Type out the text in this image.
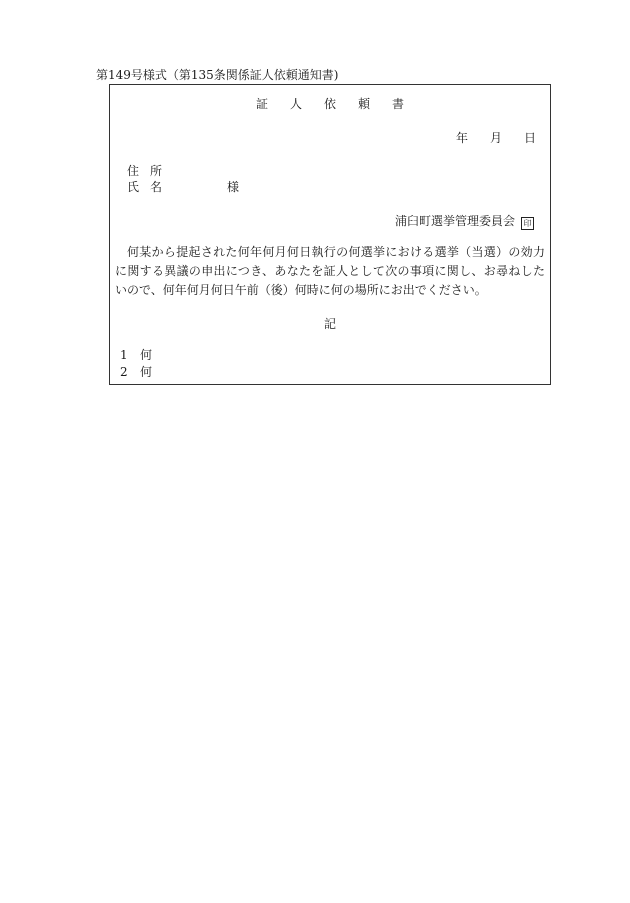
第149号様式（第135条関係証人依頼通知書)
証 人 依 頼 書
年 月 日
住所
氏名	様
浦臼町選挙管理委員会 印
何某から提起された何年何月何日執行の何選挙における選挙（当選）の効力に関する異議の申出につき、あなたを証人として次の事項に関し、お尋ねしたいので、何年何月何日午前（後）何時に何の場所にお出でください。
記
1 何
2 何
